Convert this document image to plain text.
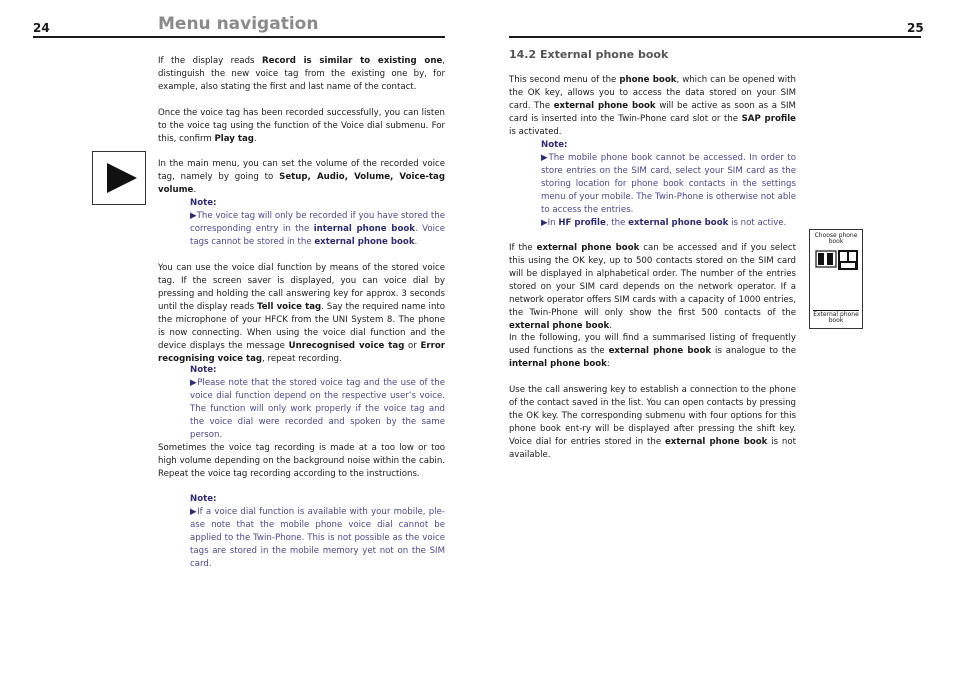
24	Menu navigation
If the display reads Record is similar to existing one, distinguish the new voice tag from the existing one by, for example, also stating the first and last name of the contact.
Once the voice tag has been recorded successfully, you can listen to the voice tag using the function of the Voice dial submenu. For this, confirm Play tag.
In the main menu, you can set the volume of the recorded voice tag, namely by going to Setup, Audio, Volume, Voice-tag volume.
Note:
▶The voice tag will only be recorded if you have stored the corresponding entry in the internal phone book. Voice tags cannot be stored in the external phone book.
You can use the voice dial function by means of the stored voice tag. If the screen saver is displayed, you can voice dial by pressing and holding the call answering key for approx. 3 seconds until the display reads Tell voice tag. Say the required name into the microphone of your HFCK from the UNI System 8. The phone is now connecting. When using the voice dial function and the device displays the message Unrecognised voice tag or Error recognising voice tag, repeat recording.
Note:
▶Please note that the stored voice tag and the use of the voice dial function depend on the respective user’s voice. The function will only work properly if the voice tag and the voice dial were recorded and spoken by the same person.
Sometimes the voice tag recording is made at a too low or too high volume depending on the background noise within the cabin. Repeat the voice tag recording according to the instructions.
Note:
▶If a voice dial function is available with your mobile, ple-ase note that the mobile phone voice dial cannot be applied to the Twin-Phone. This is not possible as the voice tags are stored in the mobile memory yet not on the SIM card.
25
14.2 External phone book
This second menu of the phone book, which can be opened with the OK key, allows you to access the data stored on your SIM card. The external phone book will be active as soon as a SIM card is inserted into the Twin-Phone card slot or the SAP profile is activated.
Note:
▶The mobile phone book cannot be accessed. In order to store entries on the SIM card, select your SIM card as the storing location for phone book contacts in the settings menu of your mobile. The Twin-Phone is otherwise not able to access the entries.
▶In HF profile, the external phone book is not active.
Choose phone book
External phone book
If the external phone book can be accessed and if you select this using the OK key, up to 500 contacts stored on the SIM card will be displayed in alphabetical order. The number of the entries stored on your SIM card depends on the network operator. If a network operator offers SIM cards with a capacity of 1000 entries, the Twin-Phone will only show the first 500 contacts of the external phone book.
In the following, you will find a summarised listing of frequently used functions as the external phone book is analogue to the internal phone book:
Use the call answering key to establish a connection to the phone of the contact saved in the list. You can open contacts by pressing the OK key. The corresponding submenu with four options for this phone book ent-ry will be displayed after pressing the shift key. Voice dial for entries stored in the external phone book is not available.
